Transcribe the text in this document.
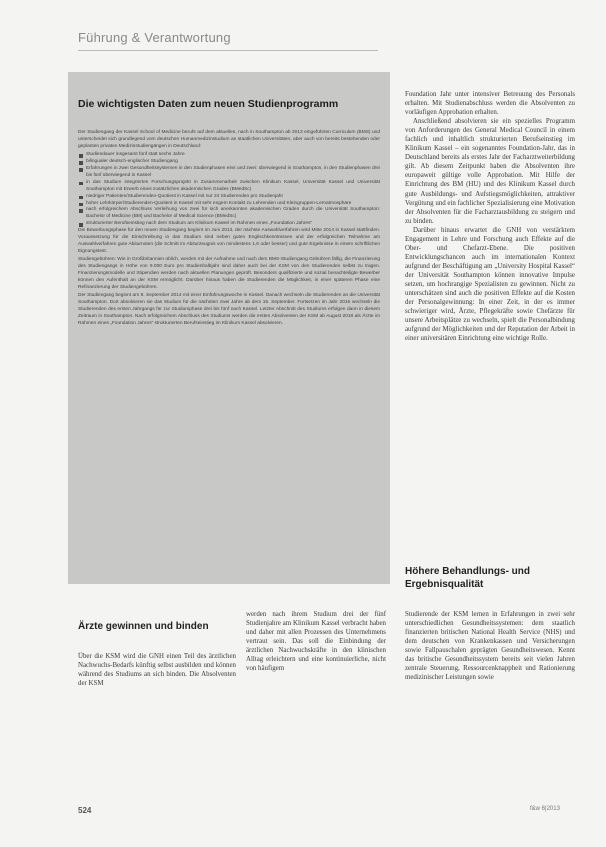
Führung & Verantwortung
Die wichtigsten Daten zum neuen Studienprogramm

Der Studiengang der Kassel School of Medicine beruht auf dem aktuellen, nach in Southampton ab 2013 eingeführten Curriculum (BMS) und unterscheidet sich grundlegend vom deutschen Humanmedizinstudium an staatlichen Universitäten, aber auch von bereits bestehenden oder geplanten privaten Medizinstudiengängen in Deutschland:

Studiendauer insgesamt fünf statt sechs Jahre
bilingualer deutsch-englischer Studiengang
Erfahrungen in zwei Gesundheitssystemen in den Studienphasen eins und zwei: überwiegend in Southampton, in den Studienphasen drei bis fünf überwiegend in Kassel
in das Studium integriertes Forschungsprojekt in Zusammenarbeit zwischen Klinikum Kassel, Universität Kassel und Universität Southampton mit Erwerb eines zusätzlichen akademischen Grades (BMedSc)
niedriger Patienten/Studierenden-Quotient in Kassel mit nur 24 Studierenden pro Studienjahr
hoher Lehrkörper/Studierenden-Quotient in Kassel mit sehr engem Kontakt zu Lehrenden und Kleingruppen-Lernatmosphäre
nach erfolgreichem Abschluss Verleihung von zwei für sich anerkannten akademischen Graden durch die Universität Southampton: Bachelor of Medicine (BM) und Bachelor of Medical Science (BMedSc)
strukturierter Berufseinstieg nach dem Studium am Klinikum Kassel im Rahmen eines „Foundation Jahres“

Die Bewerbungsphase für den neuen Studiengang beginnt im Juni 2013, der nächste Auswahlverfahren wird Mitte 2014 in Kassel stattfinden. Voraussetzung für die Einschreibung in das Studium sind neben guten Englischkenntnissen und der erfolgreichen Teilnahme am Auswahlverfahren gute Abiturnoten (die Schnitt im Abiturzeugnis von mindestens 1,6 oder besser) und gute Ergebnisse in einem schriftlichen Eignungstest.

Studiengebühren: Wie in Großbritannien üblich, werden mit der Aufnahme und nach dem BMS-Studiengang Gebühren fällig, die Finanzierung des Studiengangs in Höhe von 9.000 Euro pro Studienhalbjahr sind daher auch bei der KSM von den Studierenden selbst zu tragen. Finanzierungsmodelle und Stipendien werden nach aktuellen Planungen geprüft. Besonders qualifizierte und sozial benachteiligte Bewerber können den Aufenthalt an der KSM ermöglicht. Darüber hinaus haben die Studierenden die Möglichkeit, in einer späteren Phase eine Refinanzierung der Studiengebühren.

Der Studiengang beginnt am 8. September 2014 mit einer Einführungswoche in Kassel. Danach wechseln die Studierenden an die Universität Southampton. Dort absolvieren sie das Studium für die nächsten zwei Jahre ab dem 15. September. Fortsetzen im Jahr 2016 wechseln die Studierenden des ersten Jahrgangs für zur Studiumphase drei bis fünf nach Kassel. Letzter Abschnitt des Studiums erfolgen dann in diesem Zeitraum in Southampton. Nach erfolgreichem Abschluss des Studiums werden die ersten Absolventen der KSM ab August 2018 als Ärzte im Rahmen eines „Foundation Jahres“ strukturierten Berufseinstieg im Klinikum Kassel absolvieren.

Foundation Jahr unter intensiver Betreuung des Personals erhalten. Mit Studienabschluss werden die Absolventen zu vorläufigen Approbation erhalten.

Anschließend absolvieren sie ein spezielles Programm von Anforderungen des General Medical Council in einem fachlich und inhaltlich strukturierten Berufseinstieg im Klinikum Kassel – ein sogenanntes Foundation-Jahr, das in Deutschland bereits als erstes Jahr der Facharztweiterbildung gilt. Ab diesem Zeitpunkt haben die Absolventen ihre europaweit gültige volle Approbation. Mit Hilfe der Einrichtung des BM (HU) und des Klinikum Kassel durch gute Ausbildungs- und Aufstiegsmöglichkeiten, attraktiver Vergütung und ein fachlicher Spezialisierung eine Motivation der Absolventen für die Facharztausbildung zu steigern und zu binden.

Darüber hinaus erwartet die GNH von verstärktem Engagement in Lehre und Forschung auch Effekte auf die Ober- und Chefarzt-Ebene. Die positiven Entwicklungschancen auch im internationalen Kontext aufgrund der Beschäftigung am „University Hospital Kassel“ der Universität Southampton können innovative Impulse setzen, um hochrangige Spezialisten zu gewinnen. Nicht zu unterschätzen sind auch die positiven Effekte auf die Kosten der Personalgewinnung: In einer Zeit, in der es immer schwieriger wird, Ärzte, Pflegekräfte sowie Chefärzte für unsere Arbeitsplätze zu wechseln, spielt die Personalbindung aufgrund der Möglichkeiten und der Reputation der Arbeit in einer universitären Einrichtung eine wichtige Rolle.

Höhere Behandlungs- und Ergebnisqualität

Studierende der KSM lernen in Erfahrungen in zwei sehr unterschiedlichen Gesundheitssystemen: dem staatlich finanzierten britischen National Health Service (NHS) und dem deutschen von Krankenkassen und Versicherungen sowie Fallpauschalen geprägten Gesundheitswesen. Kennt das britische Gesundheitssystem bereits seit vielen Jahren zentrale Steuerung, Ressourcenknappheit und Rationierung medizinischer Leistungen sowie

Ärzte gewinnen und binden

Über die KSM wird die GNH einen Teil des ärztlichen Nachwuchs-Bedarfs künftig selbst ausbilden und können während des Studiums an sich binden. Die Absolventen der KSM

werden nach ihrem Studium drei der fünf Studienjahre am Klinikum Kassel verbracht haben und daher mit allen Prozessen des Unternehmens vertraut sein. Das soll die Einbindung der ärztlichen Nachwuchskräfte in den klinischen Alltag erleichtern und eine kontinuierliche, nicht von häufigem

524	f&w 6|2013
